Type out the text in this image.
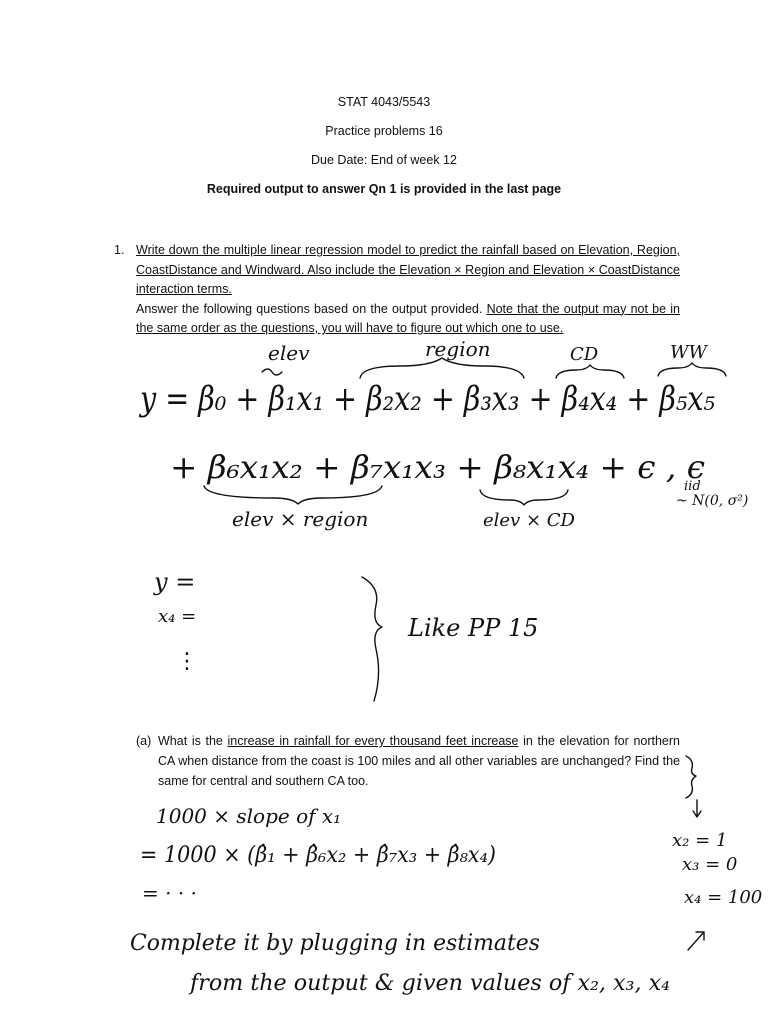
STAT 4043/5543
Practice problems 16
Due Date: End of week 12
Required output to answer Qn 1 is provided in the last page
1. Write down the multiple linear regression model to predict the rainfall based on Elevation, Region, CoastDistance and Windward. Also include the Elevation × Region and Elevation × CoastDistance interaction terms.
Answer the following questions based on the output provided. Note that the output may not be in the same order as the questions, you will have to figure out which one to use.
(a) What is the increase in rainfall for every thousand feet increase in the elevation for northern CA when distance from the coast is 100 miles and all other variables are unchanged? Find the same for central and southern CA too.
elev	region	CD	WW
y = β₀ + β₁x₁ + β₂x₂ + β₃x₃ + β₄x₄ + β₅x₅
+ β₆x₁x₂ + β₇x₁x₃ + β₈x₁x₄ + ϵ , ϵ
iid
~ N(0, σ²)
elev × region	elev × CD
y =
x₄ =
⋮
Like PP 15
1000 × slope of x₁
= 1000 × (β̂₁ + β̂₆x₂ + β̂₇x₃ + β̂₈x₄)
= · · ·
x₂ = 1
x₃ = 0
x₄ = 100
Complete it by plugging in estimates
from the output & given values of x₂, x₃, x₄
